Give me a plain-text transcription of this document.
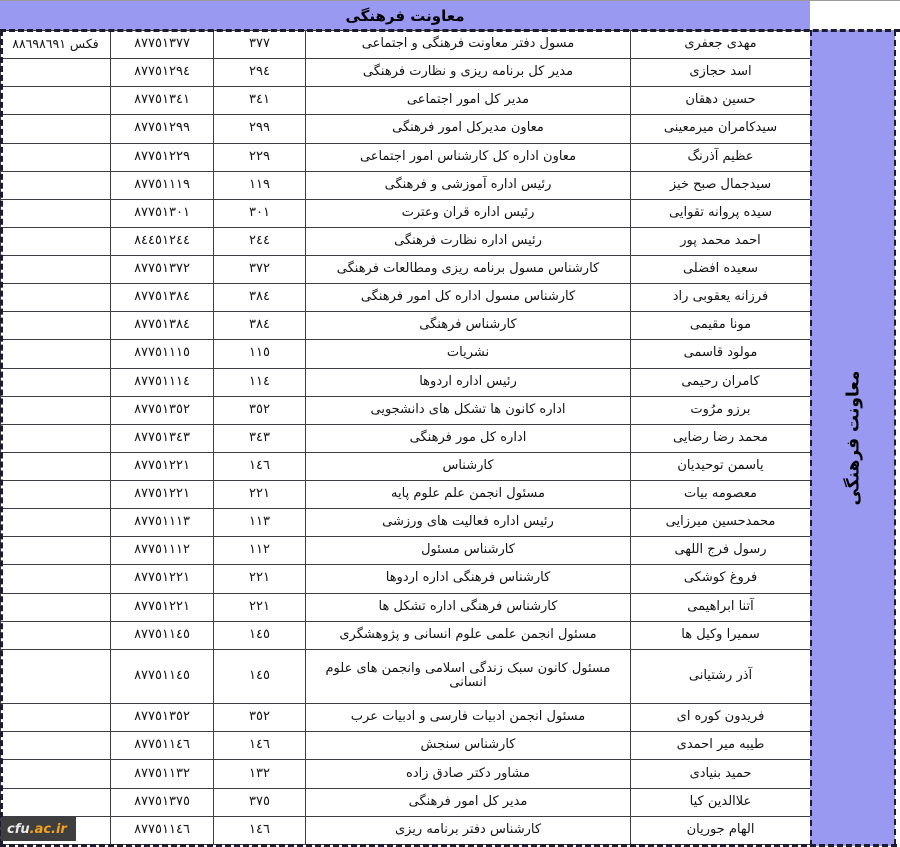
معاونت فرهنگی
مهدی جعفری	مسول دفتر معاونت فرهنگی و اجتماعی	٣٧٧	٨٧٧٥١٣٧٧	فکس ٨٨٦٩٨٦٩١
اسد حجازی	مدیر کل برنامه ریزی و نظارت فرهنگی	٢٩٤	٨٧٧٥١٢٩٤	
حسین دهقان	مدیر کل امور اجتماعی	٣٤١	٨٧٧٥١٣٤١	
سیدکامران میرمعینی	معاون مدیرکل امور فرهنگی	٢٩٩	٨٧٧٥١٢٩٩	
عظیم آذرنگ	معاون اداره کل کارشناس امور اجتماعی	٢٢٩	٨٧٧٥١٢٢٩	
سیدجمال صبح خیز	رئیس اداره آموزشی و فرهنگی	١١٩	٨٧٧٥١١١٩	
سیده پروانه تقوایی	رئیس اداره قران وعترت	٣٠١	٨٧٧٥١٣٠١	
احمد محمد پور	رئیس اداره نظارت فرهنگی	٢٤٤	٨٤٤٥١٢٤٤	
سعیده افضلی	کارشناس مسول برنامه ریزی ومطالعات فرهنگی	٣٧٢	٨٧٧٥١٣٧٢	
فرزانه یعقوبی راد	کارشناس مسول اداره کل امور فرهنگی	٣٨٤	٨٧٧٥١٣٨٤	
مونا مقیمی	کارشناس فرهنگی	٣٨٤	٨٧٧٥١٣٨٤	
مولود قاسمی	نشریات	١١٥	٨٧٧٥١١١٥	
کامران رحیمی	رئیس اداره اردوها	١١٤	٨٧٧٥١١١٤	
برزو مرُوت	اداره کانون ها تشکل های دانشجویی	٣٥٢	٨٧٧٥١٣٥٢	
محمد رضا رضایی	اداره کل مور فرهنگی	٣٤٣	٨٧٧٥١٣٤٣	
یاسمن توحیدیان	کارشناس	١٤٦	٨٧٧٥١٢٢١	
معصومه بیات	مسئول انجمن علم علوم پایه	٢٢١	٨٧٧٥١٢٢١	
محمدحسین میرزایی	رئیس اداره فعالیت های ورزشی	١١٣	٨٧٧٥١١١٣	
رسول فرج اللهی	کارشناس مسئول	١١٢	٨٧٧٥١١١٢	
فروغ کوشکی	کارشناس فرهنگی اداره اردوها	٢٢١	٨٧٧٥١٢٢١	
آتنا ابراهیمی	کارشناس فرهنگی اداره تشکل ها	٢٢١	٨٧٧٥١٢٢١	
سمیرا وکیل ها	مسئول انجمن علمی علوم انسانی و پژوهشگری	١٤٥	٨٧٧٥١١٤٥	
آذر رشتیانی	مسئول کانون سبک زندگی اسلامی وانجمن های علوم انسانی	١٤٥	٨٧٧٥١١٤٥	
فریدون کوره ای	مسئول انجمن ادبیات فارسی و ادبیات عرب	٣٥٢	٨٧٧٥١٣٥٢	
طیبه میر احمدی	کارشناس سنجش	١٤٦	٨٧٧٥١١٤٦	
حمید بنیادی	مشاور دکتر صادق زاده	١٣٢	٨٧٧٥١١٣٢	
علاالدین کیا	مدیر کل امور فرهنگی	٣٧٥	٨٧٧٥١٣٧٥	
الهام جوریان	کارشناس دفتر برنامه ریزی	١٤٦	٨٧٧٥١١٤٦	
معاونت فرهنگی
cfu .ac.ir
